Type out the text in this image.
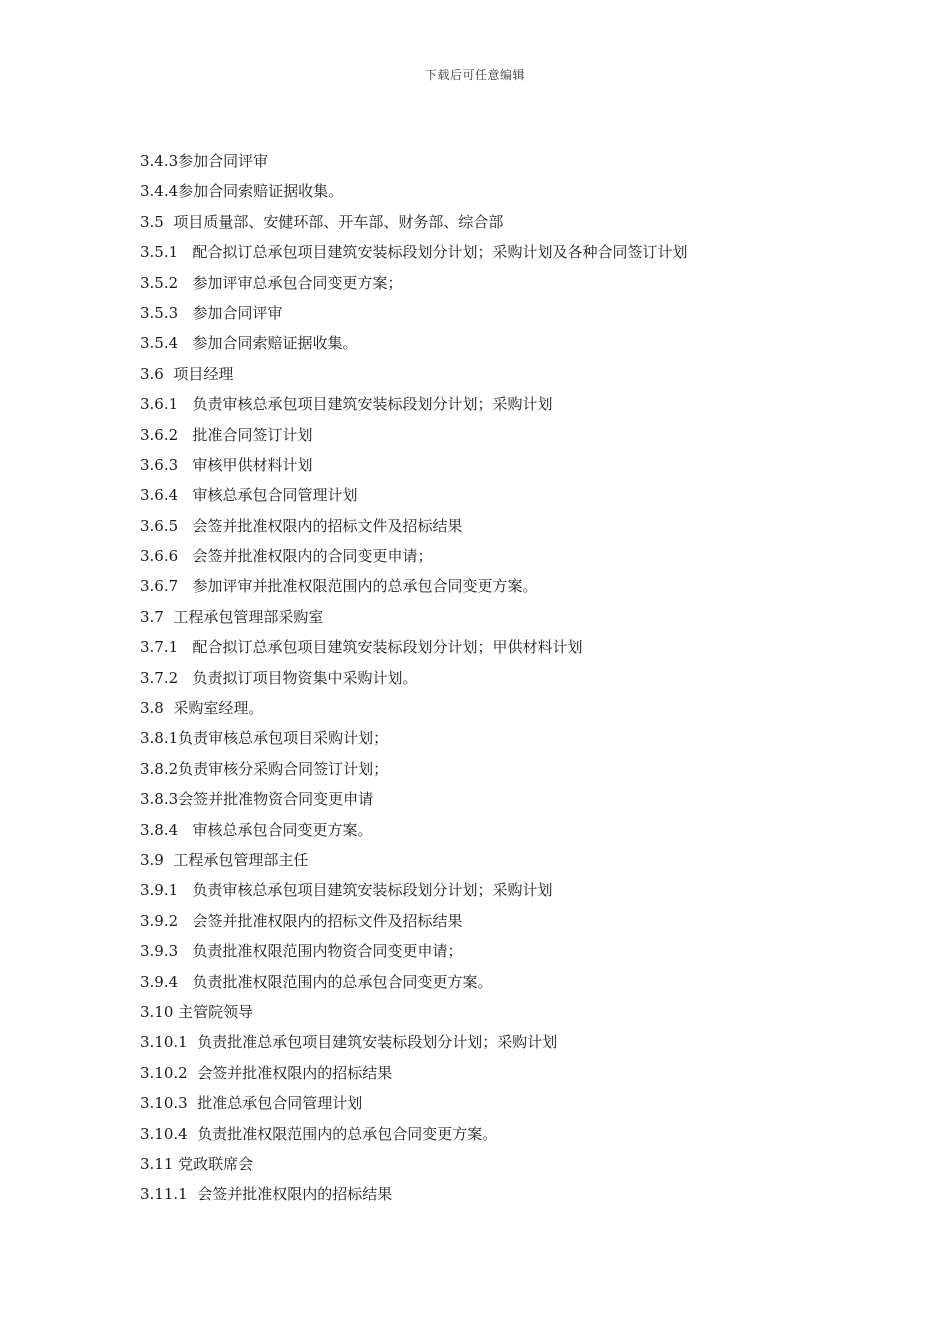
下载后可任意编辑
3.4.3参加合同评审
3.4.4参加合同索赔证据收集。
3.5  项目质量部、安健环部、开车部、财务部、综合部
3.5.1   配合拟订总承包项目建筑安装标段划分计划；采购计划及各种合同签订计划
3.5.2   参加评审总承包合同变更方案；
3.5.3   参加合同评审
3.5.4   参加合同索赔证据收集。
3.6  项目经理
3.6.1   负责审核总承包项目建筑安装标段划分计划；采购计划
3.6.2   批准合同签订计划
3.6.3   审核甲供材料计划
3.6.4   审核总承包合同管理计划
3.6.5   会签并批准权限内的招标文件及招标结果
3.6.6   会签并批准权限内的合同变更申请；
3.6.7   参加评审并批准权限范围内的总承包合同变更方案。
3.7  工程承包管理部采购室
3.7.1   配合拟订总承包项目建筑安装标段划分计划；甲供材料计划
3.7.2   负责拟订项目物资集中采购计划。
3.8  采购室经理。
3.8.1负责审核总承包项目采购计划；
3.8.2负责审核分采购合同签订计划；
3.8.3会签并批准物资合同变更申请
3.8.4   审核总承包合同变更方案。
3.9  工程承包管理部主任
3.9.1   负责审核总承包项目建筑安装标段划分计划；采购计划
3.9.2   会签并批准权限内的招标文件及招标结果
3.9.3   负责批准权限范围内物资合同变更申请；
3.9.4   负责批准权限范围内的总承包合同变更方案。
3.10 主管院领导
3.10.1  负责批准总承包项目建筑安装标段划分计划；采购计划
3.10.2  会签并批准权限内的招标结果
3.10.3  批准总承包合同管理计划
3.10.4  负责批准权限范围内的总承包合同变更方案。
3.11 党政联席会
3.11.1  会签并批准权限内的招标结果
